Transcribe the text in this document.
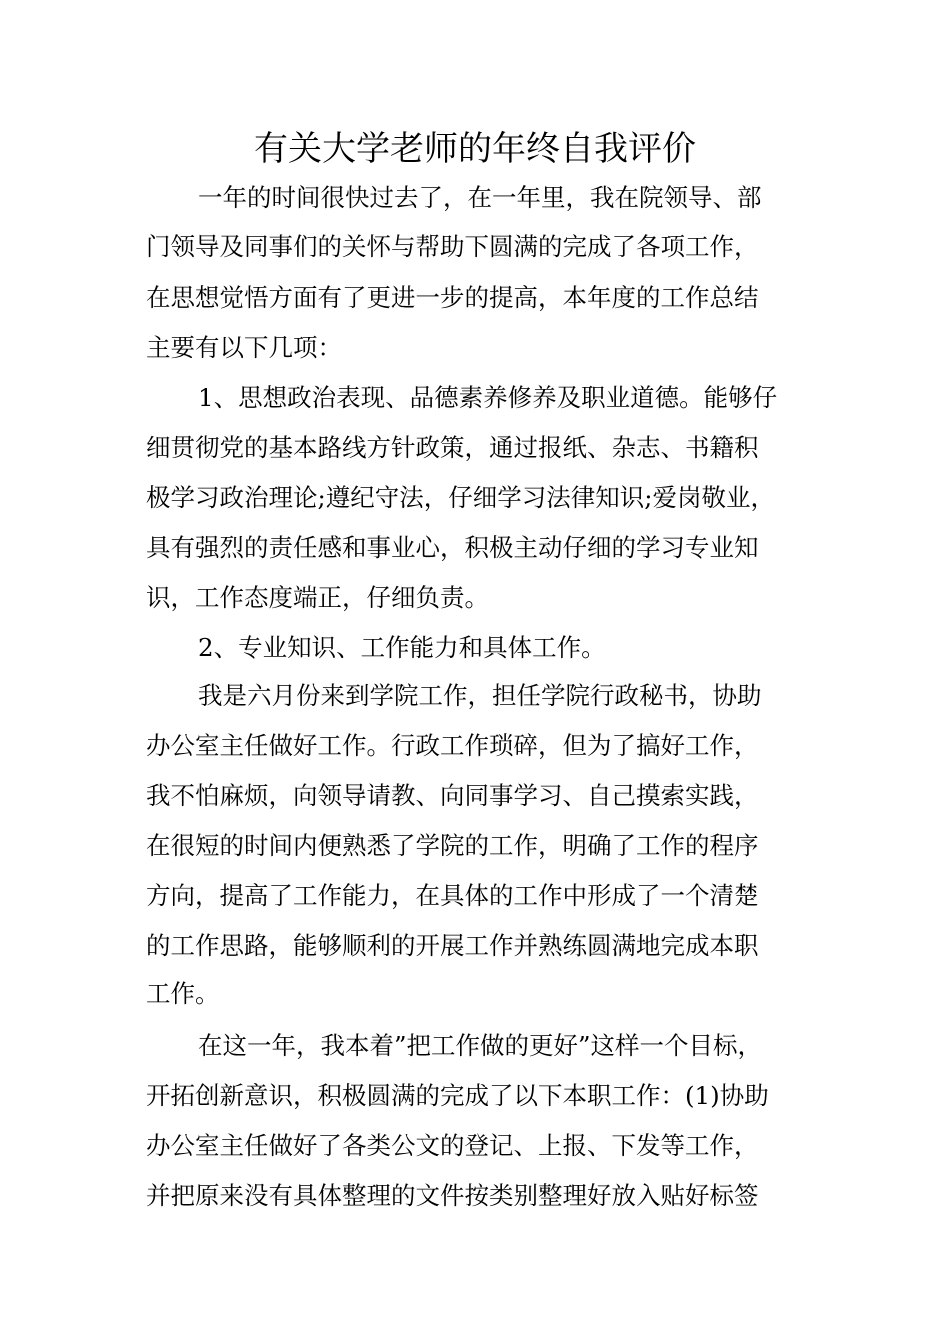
有关大学老师的年终自我评价
一年的时间很快过去了，在一年里，我在院领导、部
门领导及同事们的关怀与帮助下圆满的完成了各项工作，
在思想觉悟方面有了更进一步的提高，本年度的工作总结
主要有以下几项：
1、思想政治表现、品德素养修养及职业道德。能够仔
细贯彻党的基本路线方针政策，通过报纸、杂志、书籍积
极学习政治理论;遵纪守法，仔细学习法律知识;爱岗敬业，
具有强烈的责任感和事业心，积极主动仔细的学习专业知
识，工作态度端正，仔细负责。
2、专业知识、工作能力和具体工作。
我是六月份来到学院工作，担任学院行政秘书，协助
办公室主任做好工作。行政工作琐碎，但为了搞好工作，
我不怕麻烦，向领导请教、向同事学习、自己摸索实践，
在很短的时间内便熟悉了学院的工作，明确了工作的程序
方向，提高了工作能力，在具体的工作中形成了一个清楚
的工作思路，能够顺利的开展工作并熟练圆满地完成本职
工作。
在这一年，我本着”把工作做的更好”这样一个目标，
开拓创新意识，积极圆满的完成了以下本职工作：(1)协助
办公室主任做好了各类公文的登记、上报、下发等工作，
并把原来没有具体整理的文件按类别整理好放入贴好标签
